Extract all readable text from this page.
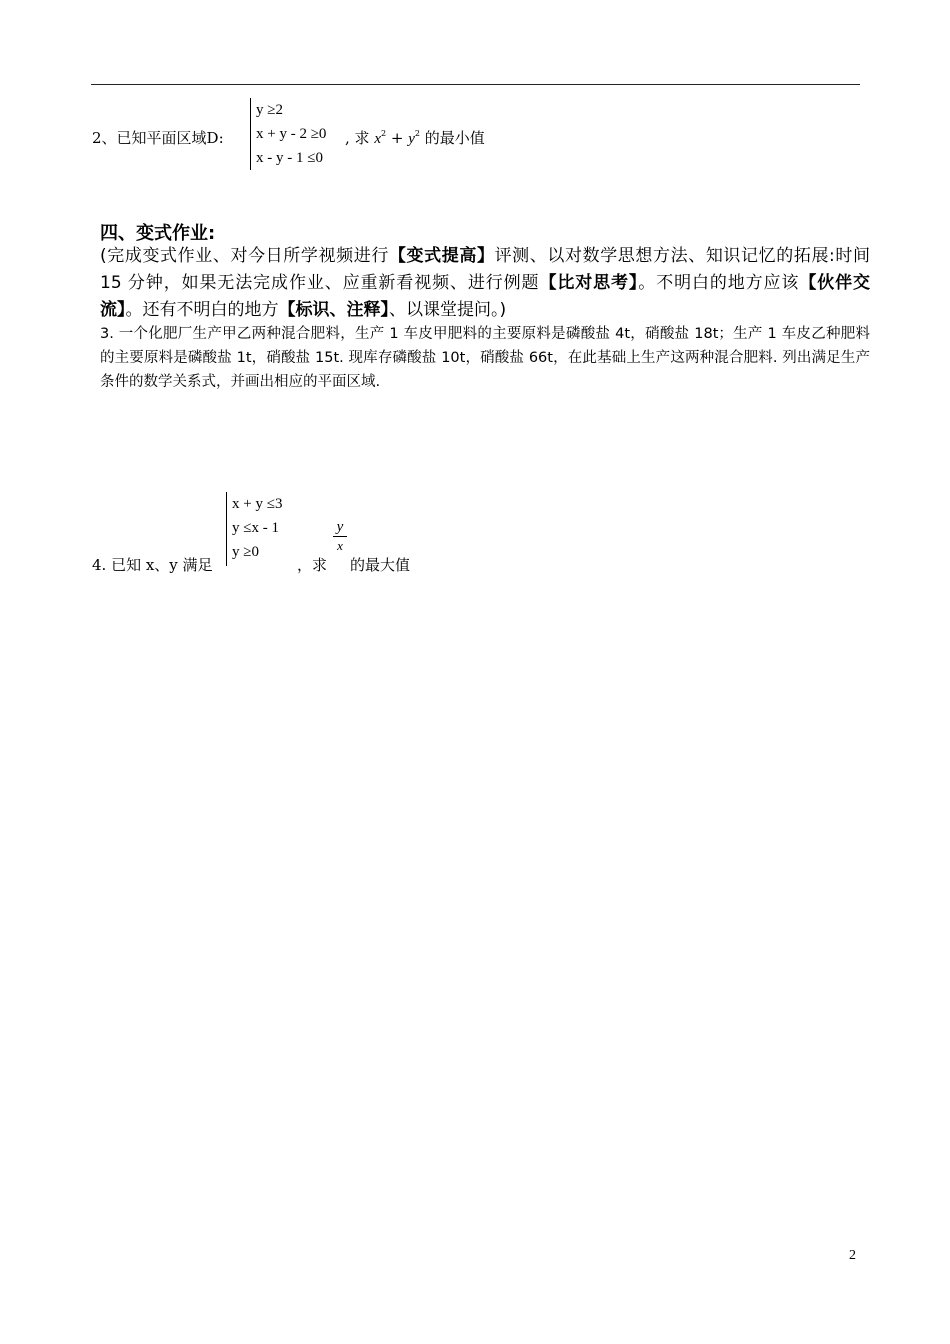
2、已知平面区域D:
y ≥2
x + y - 2 ≥0
x - y - 1 ≤0
, 求 $x^2 + y^2$ 的最小值
四、变式作业:
(完成变式作业、对今日所学视频进行【变式提高】评测、以对数学思想方法、知识记忆的拓展:时间 15 分钟，如果无法完成作业、应重新看视频、进行例题【比对思考】。不明白的地方应该【伙伴交流】。还有不明白的地方【标识、注释】、以课堂提问。)
3. 一个化肥厂生产甲乙两种混合肥料，生产 1 车皮甲肥料的主要原料是磷酸盐 4t，硝酸盐 18t；生产 1 车皮乙种肥料的主要原料是磷酸盐 1t，硝酸盐 15t. 现库存磷酸盐 10t，硝酸盐 66t，在此基础上生产这两种混合肥料. 列出满足生产条件的数学关系式，并画出相应的平面区域.
x + y ≤3
y ≤x - 1
y ≥0
4. 已知 x、y 满足	，求
$\frac{y}{x}$
的最大值
2
